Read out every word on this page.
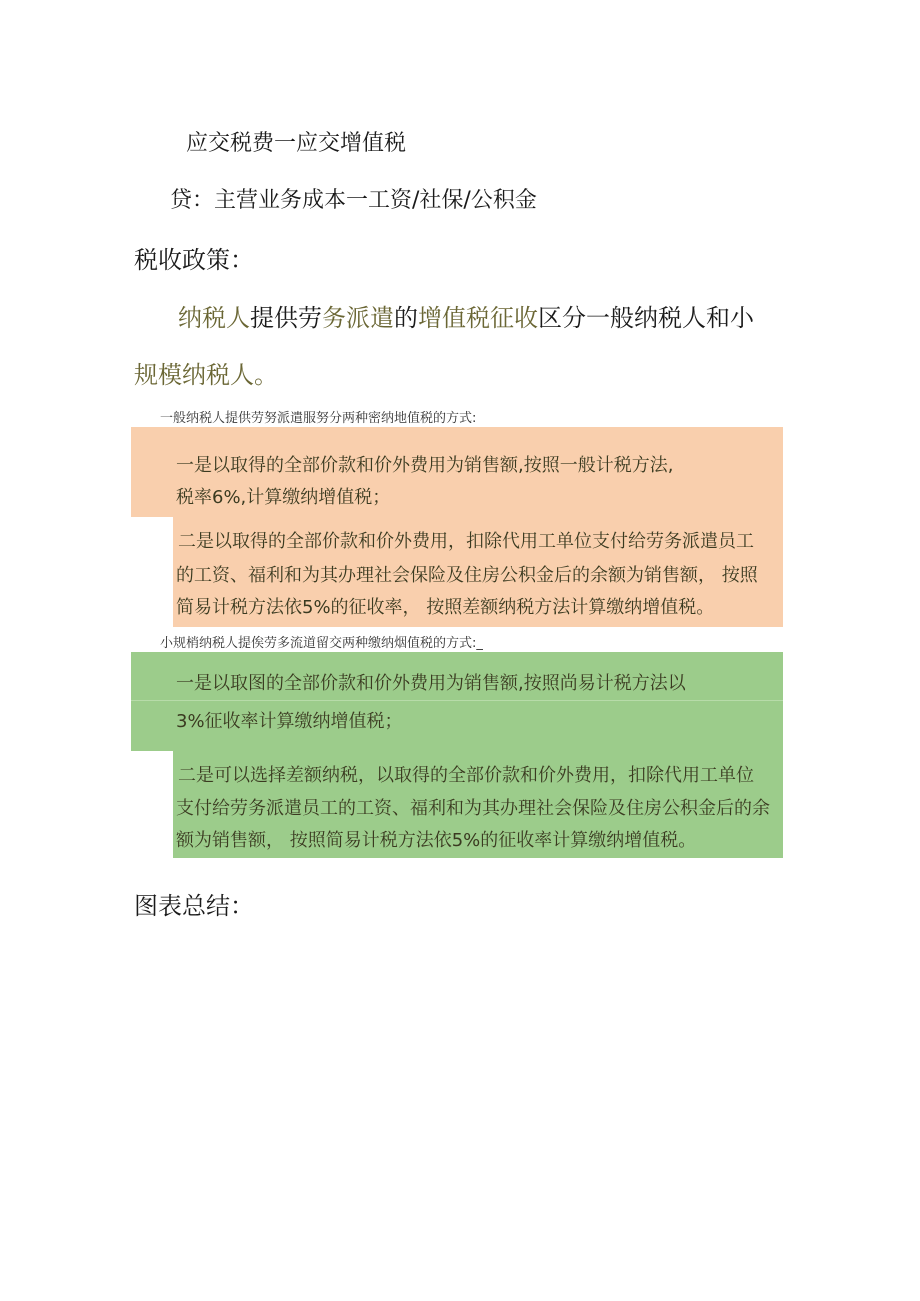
应交税费一应交增值税
贷：主营业务成本一工资/社保/公积金
税收政策：
纳税人提供劳务派遣的增值税征收区分一般纳税人和小
规模纳税人。
一般纳税人提供劳努派遣服努分两种密纳地值税的方式:
一是以取得的全部价款和价外费用为销售额,按照一般计税方法,
税率6%,计算缴纳增值税；
二是以取得的全部价款和价外费用，扣除代用工单位支付给劳务派遣员工
的工资、福利和为其办理社会保险及住房公积金后的余额为销售额， 按照
简易计税方法依5%的征收率， 按照差额纳税方法计算缴纳增值税。
小规梢纳税人提俟劳多流道留交两种缴纳烟值税的方式:_
一是以取图的全部价款和价外费用为销售额,按照尚易计税方法以
3%征收率计算缴纳增值税；
二是可以选择差额纳税，以取得的全部价款和价外费用，扣除代用工单位
支付给劳务派遣员工的工资、福利和为其办理社会保险及住房公积金后的余
额为销售额， 按照简易计税方法依5%的征收率计算缴纳增值税。
图表总结：
